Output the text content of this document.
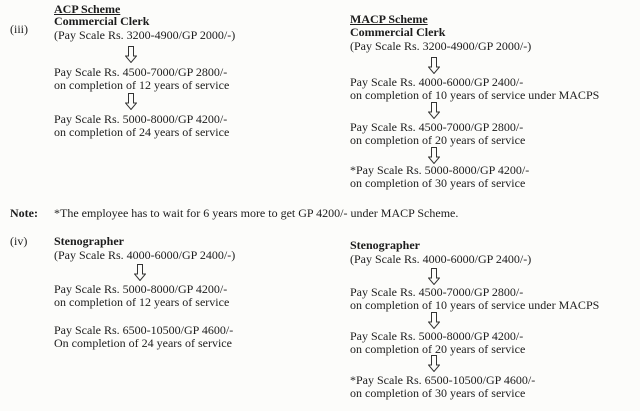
(iii)
ACP Scheme
Commercial Clerk
(Pay Scale Rs. 3200-4900/GP 2000/-)
Pay Scale Rs. 4500-7000/GP 2800/-
on completion of 12 years of service
Pay Scale Rs. 5000-8000/GP 4200/-
on completion of 24 years of service
MACP Scheme
Commercial Clerk
(Pay Scale Rs. 3200-4900/GP 2000/-)
Pay Scale Rs. 4000-6000/GP 2400/-
on completion of 10 years of service under MACPS
Pay Scale Rs. 4500-7000/GP 2800/-
on completion of 20 years of service
*Pay Scale Rs. 5000-8000/GP 4200/-
on completion of 30 years of service
Note: *The employee has to wait for 6 years more to get GP 4200/- under MACP Scheme.
(iv) Stenographer
(Pay Scale Rs. 4000-6000/GP 2400/-)
Pay Scale Rs. 5000-8000/GP 4200/-
on completion of 12 years of service
Pay Scale Rs. 6500-10500/GP 4600/-
On completion of 24 years of service
Stenographer
(Pay Scale Rs. 4000-6000/GP 2400/-)
Pay Scale Rs. 4500-7000/GP 2800/-
on completion of 10 years of service under MACPS
Pay Scale Rs. 5000-8000/GP 4200/-
on completion of 20 years of service
*Pay Scale Rs. 6500-10500/GP 4600/-
on completion of 30 years of service
